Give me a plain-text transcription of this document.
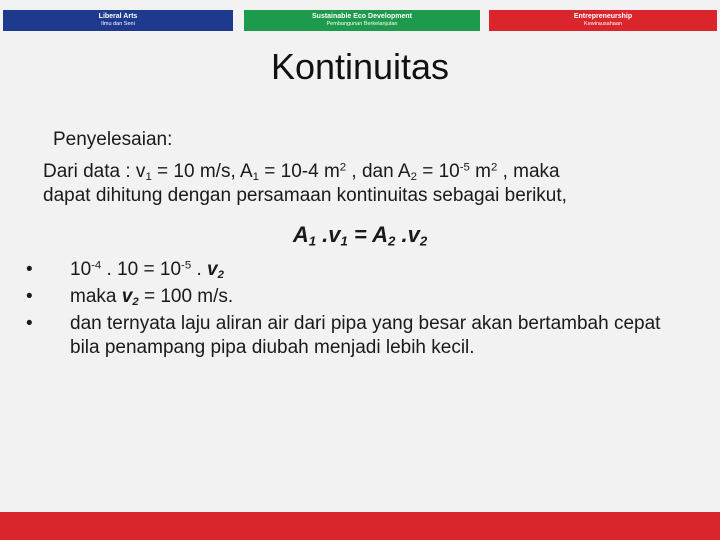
Liberal Arts
Ilmu dan Seni
Sustainable Eco Development
Pembangunan Berkelanjutan
Entrepreneurship
Kewirausahaan
Kontinuitas
Penyelesaian:
Dari data : $v_1 = 10$ m/s, $A_1 = 10-4$ $m^2$ , dan $A_2 = 10^{-5}$ $m^2$ , maka
dapat dihitung dengan persamaan kontinuitas sebagai berikut,
$A_1$ $.v_1 = A_2$ $.v_2$
• $10^{-4}$ . $10 = 10^{-5}$ . $v_2$
• maka $v_2 = 100$ m/s.
• dan ternyata laju aliran air dari pipa yang besar akan bertambah cepat bila penampang pipa diubah menjadi lebih kecil.
